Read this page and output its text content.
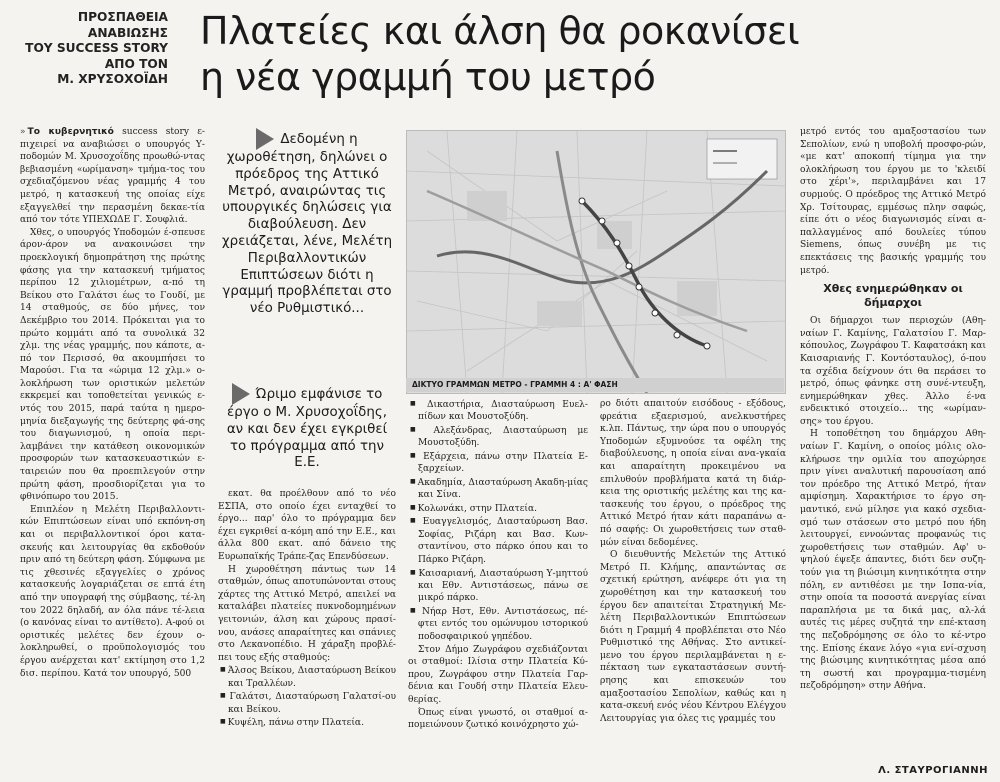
ΠΡΟΣΠΑΘΕΙΑ
ΑΝΑΒΙΩΣΗΣ
ΤΟΥ SUCCESS STORY
ΑΠΟ ΤΟΝ
Μ. ΧΡΥΣΟΧΟΪΔΗ
Πλατείες και άλση θα ροκανίσει
η νέα γραμμή του μετρό

» Το κυβερνητικό success story ε-πιχειρεί να αναβιώσει ο υπουργός Υ-ποδομών Μ. Χρυσοχοΐδης προωθώ-ντας βεβιασμένη «ωρίμανση» τμήμα-τος του σχεδιαζόμενου νέας γραμμής 4 του μετρό, η κατασκευή της οποίας είχε εξαγγελθεί την περασμένη δεκαε-τία από τον τότε ΥΠΕΧΩΔΕ Γ. Σουφλιά.

Χθες, ο υπουργός Υποδομών έ-σπευσε άρον-άρον να ανακοινώσει την προεκλογική δημοπράτηση της πρώτης φάσης για την κατασκευή τμήματος περίπου 12 χιλιομέτρων, α-πό τη Βείκου στο Γαλάτσι έως το Γουδί, με 14 σταθμούς, σε δύο μήνες, τον Δεκέμβριο του 2014. Πρόκειται για το πρώτο κομμάτι από τα συνολικά 32 χλμ. της νέας γραμμής, που κάποτε, α-πό τον Περισσό, θα ακουμπήσει το Μαρούσι. Για τα «ώριμα 12 χλμ.» ο-λοκλήρωση των οριστικών μελετών εκκρεμεί και τοποθετείται γενικώς ε-ντός του 2015, παρά ταύτα η ημερο-μηνία διεξαγωγής της δεύτερης φά-σης του διαγωνισμού, η οποία περι-λαμβάνει την κατάθεση οικονομικών προσφορών των κατασκευαστικών ε-ταιρειών που θα προεπιλεγούν στην πρώτη φάση, προσδιορίζεται για το φθινόπωρο του 2015.

Επιπλέον η Μελέτη Περιβαλλοντι-κών Επιπτώσεων είναι υπό εκπόνη-ση και οι περιβαλλοντικοί όροι κατα-σκευής και λειτουργίας θα εκδοθούν πριν από τη δεύτερη φάση. Σύμφωνα με τις χθεσινές εξαγγελίες ο χρόνος κατασκευής λογαριάζεται σε επτά έτη από την υπογραφή της σύμβασης, τέ-λη του 2022 δηλαδή, αν όλα πάνε τέ-λεια (ο κανόνας είναι το αντίθετο). Α-φού οι οριστικές μελέτες δεν έχουν ο-λοκληρωθεί, ο προϋπολογισμός του έργου ανέρχεται κατ' εκτίμηση στο 1,2 δισ. περίπου. Κατά τον υπουργό, 500

Δεδομένη η χωροθέτηση, δηλώνει ο πρόεδρος της Αττικό Μετρό, αναιρώντας τις υπουργικές δηλώσεις για διαβούλευση. Δεν χρειάζεται, λένε, Μελέτη Περιβαλλοντικών Επιπτώσεων διότι η γραμμή προβλέπεται στο νέο Ρυθμιστικό...
Ώριμο εμφάνισε το έργο ο Μ. Χρυσοχοΐδης, αν και δεν έχει εγκριθεί το πρόγραμμα από την Ε.Ε.

εκατ. θα προέλθουν από το νέο ΕΣΠΑ, στο οποίο έχει ενταχθεί το έργο... παρ' όλο το πρόγραμμα δεν έχει εγκριθεί α-κόμη από την Ε.Ε., και άλλα 800 εκατ. από δάνειο της Ευρωπαϊκής Τράπε-ζας Επενδύσεων.

Η χωροθέτηση πάντως των 14 σταθμών, όπως αποτυπώνονται στους χάρτες της Αττικό Μετρό, απειλεί να καταλάβει πλατείες πυκνοδομημένων γειτονιών, άλση και χώρους πρασί-νου, ανάσες απαραίτητες και σπάνιες στο Λεκανοπέδιο. Η χάραξη προβλέ-πει τους εξής σταθμούς:

■ Άλσος Βείκου, Διασταύρωση Βείκου και Τραλλέων.

■ Γαλάτσι, Διασταύρωση Γαλατσί-ου και Βείκου.

■ Κυψέλη, πάνω στην Πλατεία.

ΔΙΚΤΥΟ ΓΡΑΜΜΩΝ ΜΕΤΡΟ - ΓΡΑΜΜΗ 4 : Α' ΦΑΣΗ

■ Δικαστήρια, Διασταύρωση Ευελ-πίδων και Μουστοξύδη.

■ Αλεξάνδρας, Διασταύρωση με Μουστοξύδη.

■ Εξάρχεια, πάνω στην Πλατεία Ε-ξαρχείων.

■ Ακαδημία, Διασταύρωση Ακαδη-μίας και Σίνα.

■ Κολωνάκι, στην Πλατεία.

■ Ευαγγελισμός, Διασταύρωση Βασ. Σοφίας, Ριζάρη και Βασ. Κων-σταντίνου, στο πάρκο όπου και το Πάρκο Ριζάρη.

■ Καισαριανή, Διασταύρωση Υ-μηττού και Εθν. Αντιστάσεως, πάνω σε μικρό πάρκο.

■ Νήαρ Ηστ, Εθν. Αντιστάσεως, πέ-φτει εντός του ομώνυμου ιστορικού ποδοσφαιρικού γηπέδου.

Στον Δήμο Ζωγράφου σχεδιάζονται οι σταθμοί: Ιλίσια στην Πλατεία Κύ-πρου, Ζωγράφου στην Πλατεία Γαρ-δένια και Γουδή στην Πλατεία Ελευ-θερίας.

Όπως είναι γνωστό, οι σταθμοί α-πομειώνουν ζωτικό κοινόχρηστο χώ-

ρο διότι απαιτούν εισόδους - εξόδους, φρεάτια εξαερισμού, ανελκυστήρες κ.λπ. Πάντως, την ώρα που ο υπουργός Υποδομών εξυμνούσε τα οφέλη της διαβούλευσης, η οποία είναι ανα-γκαία και απαραίτητη προκειμένου να επιλυθούν προβλήματα κατά τη διάρ-κεια της οριστικής μελέτης και της κα-τασκευής του έργου, ο πρόεδρος της Αττικό Μετρό ήταν κάτι παραπάνω α-πό σαφής: Οι χωροθετήσεις των σταθ-μών είναι δεδομένες.

Ο διευθυντής Μελετών της Αττικό Μετρό Π. Κλήμης, απαντώντας σε σχετική ερώτηση, ανέφερε ότι για τη χωροθέτηση και την κατασκευή του έργου δεν απαιτείται Στρατηγική Με-λέτη Περιβαλλοντικών Επιπτώσεων διότι η Γραμμή 4 προβλέπεται στο Νέο Ρυθμιστικό της Αθήνας. Στο αντικεί-μενο του έργου περιλαμβάνεται η ε-πέκταση των εγκαταστάσεων συντή-ρησης και επισκευών του αμαξοστασίου Σεπολίων, καθώς και η κατα-σκευή ενός νέου Κέντρου Ελέγχου Λειτουργίας για όλες τις γραμμές του

μετρό εντός του αμαξοστασίου των Σεπολίων, ενώ η υποβολή προσφο-ρών, «με κατ' αποκοπή τίμημα για την ολοκλήρωση του έργου με το 'κλειδί στο χέρι'», περιλαμβάνει και 17 συρμούς. Ο πρόεδρος της Αττικό Μετρό Χρ. Τσίτουρας, εμμέσως πλην σαφώς, είπε ότι ο νέος διαγωνισμός είναι α-παλλαγμένος από δουλείες τύπου Siemens, όπως συνέβη με τις επεκτάσεις της βασικής γραμμής του μετρό.

Χθες ενημερώθηκαν οι δήμαρχοι

Οι δήμαρχοι των περιοχών (Αθη-ναίων Γ. Καμίνης, Γαλατσίου Γ. Μαρ-κόπουλος, Ζωγράφου Τ. Καφατσάκη και Καισαριανής Γ. Κοντόσταυλος), ό-που τα σχέδια δείχνουν ότι θα περάσει το μετρό, όπως φάνηκε στη συνέ-ντευξη, ενημερώθηκαν χθες. Άλλο έ-να ενδεικτικό στοιχείο... της «ωρίμαν-σης» του έργου.

Η τοποθέτηση του δημάρχου Αθη-ναίων Γ. Καμίνη, ο οποίος μόλις ολο-κλήρωσε την ομιλία του αποχώρησε πριν γίνει αναλυτική παρουσίαση από τον πρόεδρο της Αττικό Μετρό, ήταν αμφίσημη. Χαρακτήρισε το έργο ση-μαντικό, ενώ μίλησε για κακό σχεδια-σμό των στάσεων στο μετρό που ήδη λειτουργεί, εννοώντας προφανώς τις χωροθετήσεις των σταθμών. Αφ' υ-ψηλού έψεξε άπαντες, διότι δεν συζη-τούν για τη βιώσιμη κινητικότητα στην πόλη, εν αντιθέσει με την Ισπα-νία, στην οποία τα ποσοστά ανεργίας είναι παραπλήσια με τα δικά μας, αλ-λά αυτές τις μέρες συζητά την επέ-κταση της πεζοδρόμησης σε όλο το κέ-ντρο της. Επίσης έκανε λόγο «για ενί-σχυση της βιώσιμης κινητικότητας μέσα από τη σωστή και προγραμμα-τισμένη πεζοδρόμηση» στην Αθήνα.

Λ. ΣΤΑΥΡΟΓΙΑΝΝΗ
